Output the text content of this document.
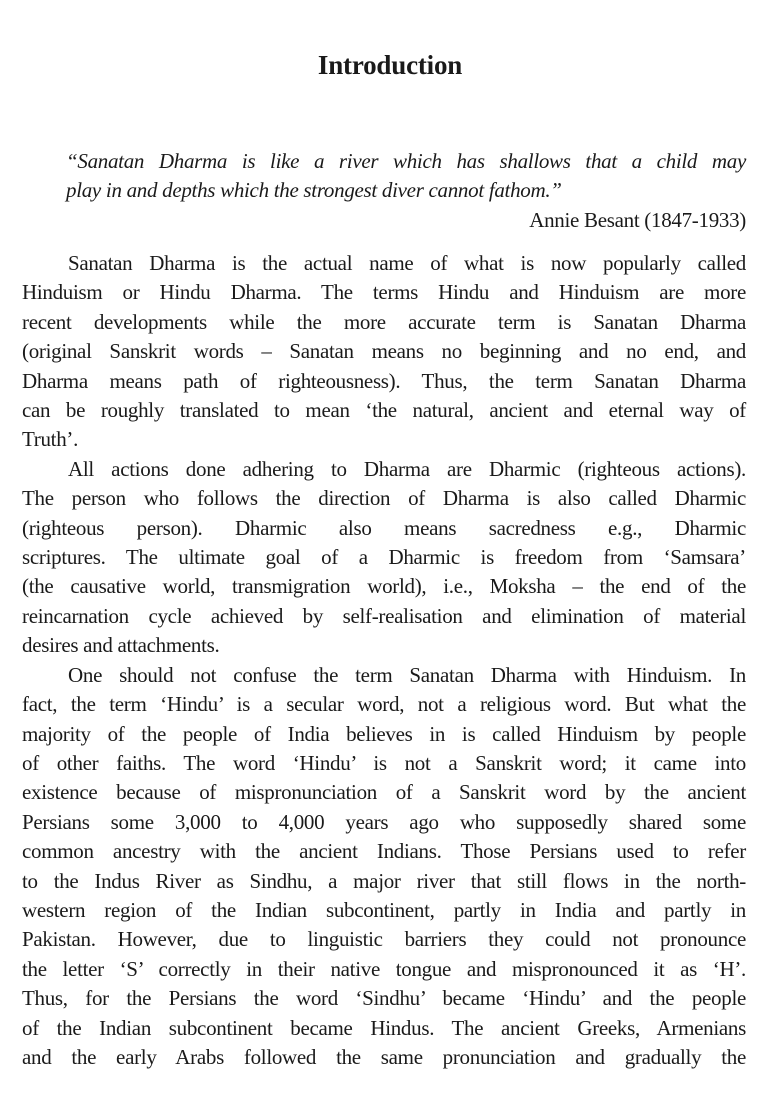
Introduction
“Sanatan Dharma is like a river which has shallows that a child may
play in and depths which the strongest diver cannot fathom.”
Annie Besant (1847-1933)
Sanatan Dharma is the actual name of what is now popularly called
Hinduism or Hindu Dharma. The terms Hindu and Hinduism are more
recent developments while the more accurate term is Sanatan Dharma
(original Sanskrit words – Sanatan means no beginning and no end, and
Dharma means path of righteousness). Thus, the term Sanatan Dharma
can be roughly translated to mean ‘the natural, ancient and eternal way of
Truth’.
All actions done adhering to Dharma are Dharmic (righteous actions).
The person who follows the direction of Dharma is also called Dharmic
(righteous person). Dharmic also means sacredness e.g., Dharmic
scriptures. The ultimate goal of a Dharmic is freedom from ‘Samsara’
(the causative world, transmigration world), i.e., Moksha – the end of the
reincarnation cycle achieved by self-realisation and elimination of material
desires and attachments.
One should not confuse the term Sanatan Dharma with Hinduism. In
fact, the term ‘Hindu’ is a secular word, not a religious word. But what the
majority of the people of India believes in is called Hinduism by people
of other faiths. The word ‘Hindu’ is not a Sanskrit word; it came into
existence because of mispronunciation of a Sanskrit word by the ancient
Persians some 3,000 to 4,000 years ago who supposedly shared some
common ancestry with the ancient Indians. Those Persians used to refer
to the Indus River as Sindhu, a major river that still flows in the north-
western region of the Indian subcontinent, partly in India and partly in
Pakistan. However, due to linguistic barriers they could not pronounce
the letter ‘S’ correctly in their native tongue and mispronounced it as ‘H’.
Thus, for the Persians the word ‘Sindhu’ became ‘Hindu’ and the people
of the Indian subcontinent became Hindus. The ancient Greeks, Armenians
and the early Arabs followed the same pronunciation and gradually the
